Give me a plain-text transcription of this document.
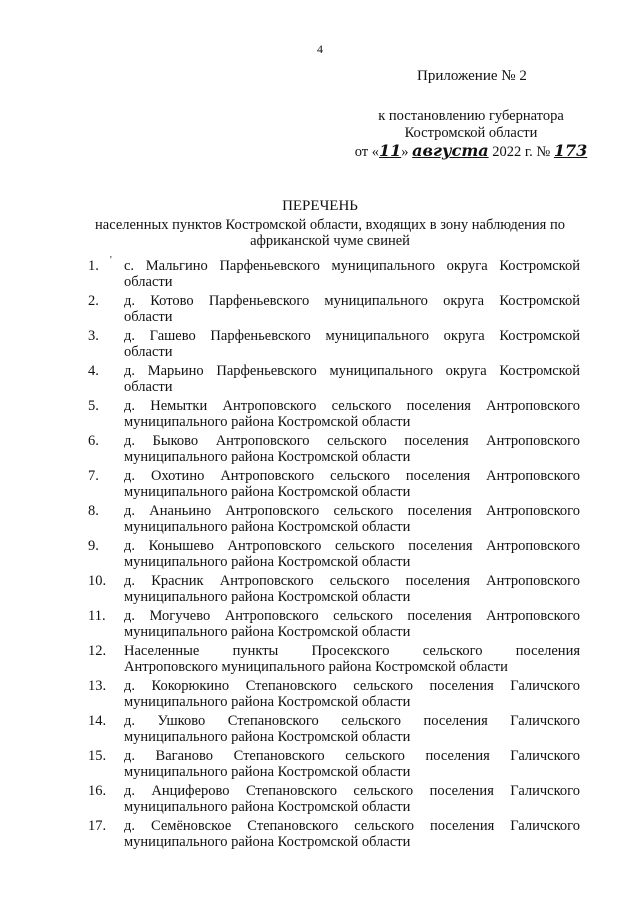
4
'
Приложение № 2
к постановлению губернатора
Костромской области
от «11» августа 2022 г. № 173
ПЕРЕЧЕНЬ
населенных пунктов Костромской области, входящих в зону наблюдения по африканской чуме свиней
1. с. Мальгино Парфеньевского муниципального округа Костромской
области
2. д. Котово Парфеньевского муниципального округа Костромской
области
3. д. Гашево Парфеньевского муниципального округа Костромской
области
4. д. Марьино Парфеньевского муниципального округа Костромской
области
5. д. Немытки Антроповского сельского поселения Антроповского
муниципального района Костромской области
6. д. Быково Антроповского сельского поселения Антроповского
муниципального района Костромской области
7. д. Охотино Антроповского сельского поселения Антроповского
муниципального района Костромской области
8. д. Ананьино Антроповского сельского поселения Антроповского
муниципального района Костромской области
9. д. Конышево Антроповского сельского поселения Антроповского
муниципального района Костромской области
10. д. Красник Антроповского сельского поселения Антроповского
муниципального района Костромской области
11. д. Могучево Антроповского сельского поселения Антроповского
муниципального района Костромской области
12. Населенные пункты Просекского сельского поселения
Антроповского муниципального района Костромской области
13. д. Кокорюкино Степановского сельского поселения Галичского
муниципального района Костромской области
14. д. Ушково Степановского сельского поселения Галичского
муниципального района Костромской области
15. д. Ваганово Степановского сельского поселения Галичского
муниципального района Костромской области
16. д. Анциферово Степановского сельского поселения Галичского
муниципального района Костромской области
17. д. Семёновское Степановского сельского поселения Галичского
муниципального района Костромской области
